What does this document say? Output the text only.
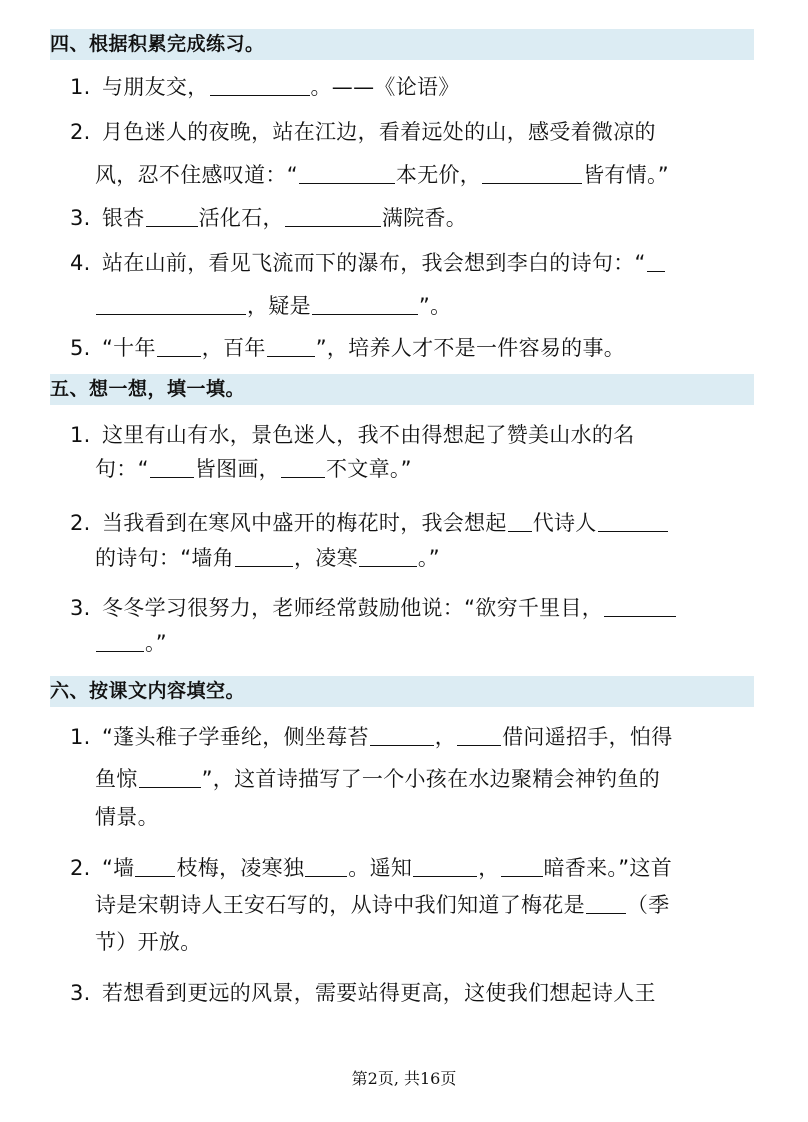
四、根据积累完成练习。
1. 与朋友交，	。——《论语》
2. 月色迷人的夜晚，站在江边，看着远处的山，感受着微凉的
风，忍不住感叹道：“	本无价，	皆有情。”
3. 银杏	活化石，	满院香。
4. 站在山前，看见飞流而下的瀑布，我会想到李白的诗句：“
，疑是	”。
5. “十年 ，百年 ”，培养人才不是一件容易的事。
五、想一想，填一填。
1. 这里有山有水，景色迷人，我不由得想起了赞美山水的名
句：“ 皆图画， 不文章。”
2. 当我看到在寒风中盛开的梅花时，我会想起 代诗人
的诗句：“墙角	，凌寒	。”
3. 冬冬学习很努力，老师经常鼓励他说：“欲穷千里目，
。”
六、按课文内容填空。
1. “蓬头稚子学垂纶，侧坐莓苔	， 借问遥招手，怕得
鱼惊	”，这首诗描写了一个小孩在水边聚精会神钓鱼的
情景。
2. “墙 枝梅，凌寒独 。遥知	， 暗香来。”这首
诗是宋朝诗人王安石写的，从诗中我们知道了梅花是 （季
节）开放。
3. 若想看到更远的风景，需要站得更高，这使我们想起诗人王
第2页, 共16页
